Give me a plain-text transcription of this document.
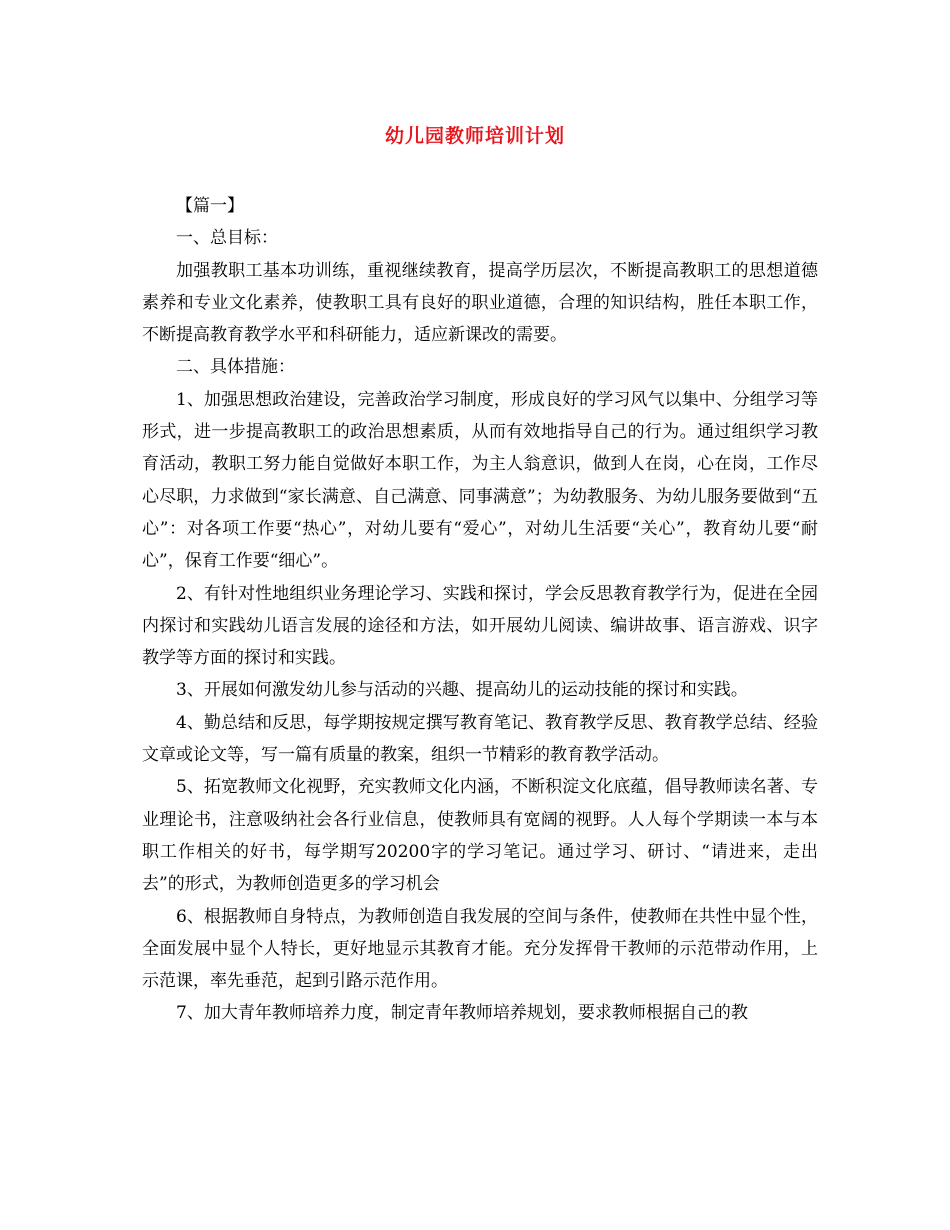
幼儿园教师培训计划

【篇一】

一、总目标：

加强教职工基本功训练，重视继续教育，提高学历层次，不断提高教职工的思想道德素养和专业文化素养，使教职工具有良好的职业道德，合理的知识结构，胜任本职工作，不断提高教育教学水平和科研能力，适应新课改的需要。

二、具体措施：

1、加强思想政治建设，完善政治学习制度，形成良好的学习风气以集中、分组学习等形式，进一步提高教职工的政治思想素质，从而有效地指导自己的行为。通过组织学习教育活动，教职工努力能自觉做好本职工作，为主人翁意识，做到人在岗，心在岗，工作尽心尽职，力求做到“家长满意、自己满意、同事满意”；为幼教服务、为幼儿服务要做到“五心”：对各项工作要“热心”，对幼儿要有“爱心”，对幼儿生活要“关心”，教育幼儿要“耐心”，保育工作要“细心”。

2、有针对性地组织业务理论学习、实践和探讨，学会反思教育教学行为，促进在全园内探讨和实践幼儿语言发展的途径和方法，如开展幼儿阅读、编讲故事、语言游戏、识字教学等方面的探讨和实践。

3、开展如何激发幼儿参与活动的兴趣、提高幼儿的运动技能的探讨和实践。

4、勤总结和反思，每学期按规定撰写教育笔记、教育教学反思、教育教学总结、经验文章或论文等，写一篇有质量的教案，组织一节精彩的教育教学活动。

5、拓宽教师文化视野，充实教师文化内涵，不断积淀文化底蕴，倡导教师读名著、专业理论书，注意吸纳社会各行业信息，使教师具有宽阔的视野。人人每个学期读一本与本职工作相关的好书，每学期写20200字的学习笔记。通过学习、研讨、“请进来，走出去”的形式，为教师创造更多的学习机会

6、根据教师自身特点，为教师创造自我发展的空间与条件，使教师在共性中显个性，全面发展中显个人特长，更好地显示其教育才能。充分发挥骨干教师的示范带动作用，上示范课，率先垂范，起到引路示范作用。

7、加大青年教师培养力度，制定青年教师培养规划，要求教师根据自己的教
